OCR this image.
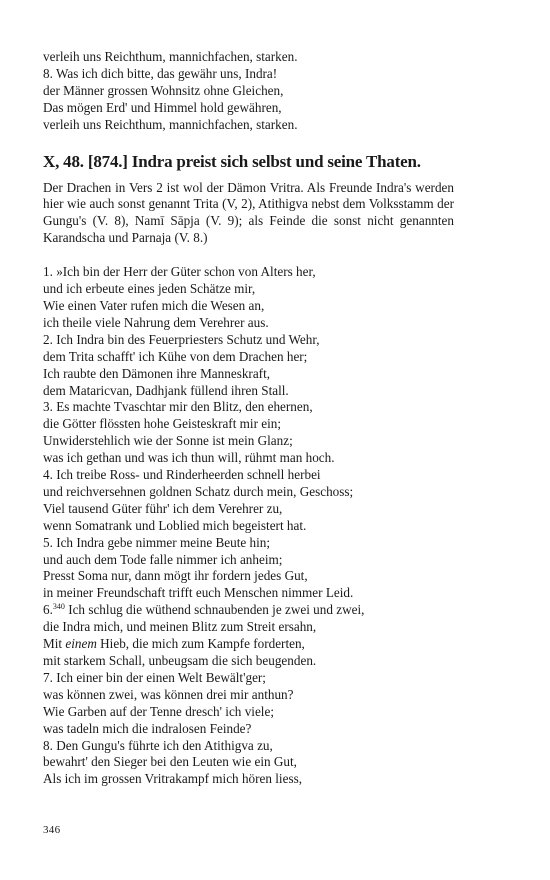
verleih uns Reichthum, mannichfachen, starken.
8. Was ich dich bitte, das gewähr uns, Indra!
der Männer grossen Wohnsitz ohne Gleichen,
Das mögen Erd' und Himmel hold gewähren,
verleih uns Reichthum, mannichfachen, starken.
X, 48. [874.] Indra preist sich selbst und seine Thaten.
Der Drachen in Vers 2 ist wol der Dämon Vritra. Als Freunde Indra's werden hier wie auch sonst genannt Trita (V, 2), Atithigva nebst dem Volksstamm der Gungu's (V. 8), Namī Sāpja (V. 9); als Feinde die sonst nicht genannten Karandscha und Parnaja (V. 8.)
1. »Ich bin der Herr der Güter schon von Alters her,
und ich erbeute eines jeden Schätze mir,
Wie einen Vater rufen mich die Wesen an,
ich theile viele Nahrung dem Verehrer aus.
2. Ich Indra bin des Feuerpriesters Schutz und Wehr,
dem Trita schafft' ich Kühe von dem Drachen her;
Ich raubte den Dämonen ihre Manneskraft,
dem Mataricvan, Dadhjank füllend ihren Stall.
3. Es machte Tvaschtar mir den Blitz, den ehernen,
die Götter flössten hohe Geisteskraft mir ein;
Unwiderstehlich wie der Sonne ist mein Glanz;
was ich gethan und was ich thun will, rühmt man hoch.
4. Ich treibe Ross- und Rinderheerden schnell herbei
und reichversehnen goldnen Schatz durch mein, Geschoss;
Viel tausend Güter führ' ich dem Verehrer zu,
wenn Somatrank und Loblied mich begeistert hat.
5. Ich Indra gebe nimmer meine Beute hin;
und auch dem Tode falle nimmer ich anheim;
Presst Soma nur, dann mögt ihr fordern jedes Gut,
in meiner Freundschaft trifft euch Menschen nimmer Leid.
6.$^{340}$ Ich schlug die wüthend schnaubenden je zwei und zwei,
die Indra mich, und meinen Blitz zum Streit ersahn,
Mit einem Hieb, die mich zum Kampfe forderten,
mit starkem Schall, unbeugsam die sich beugenden.
7. Ich einer bin der einen Welt Bewält'ger;
was können zwei, was können drei mir anthun?
Wie Garben auf der Tenne dresch' ich viele;
was tadeln mich die indralosen Feinde?
8. Den Gungu's führte ich den Atithigva zu,
bewahrt' den Sieger bei den Leuten wie ein Gut,
Als ich im grossen Vritrakampf mich hören liess,
346
